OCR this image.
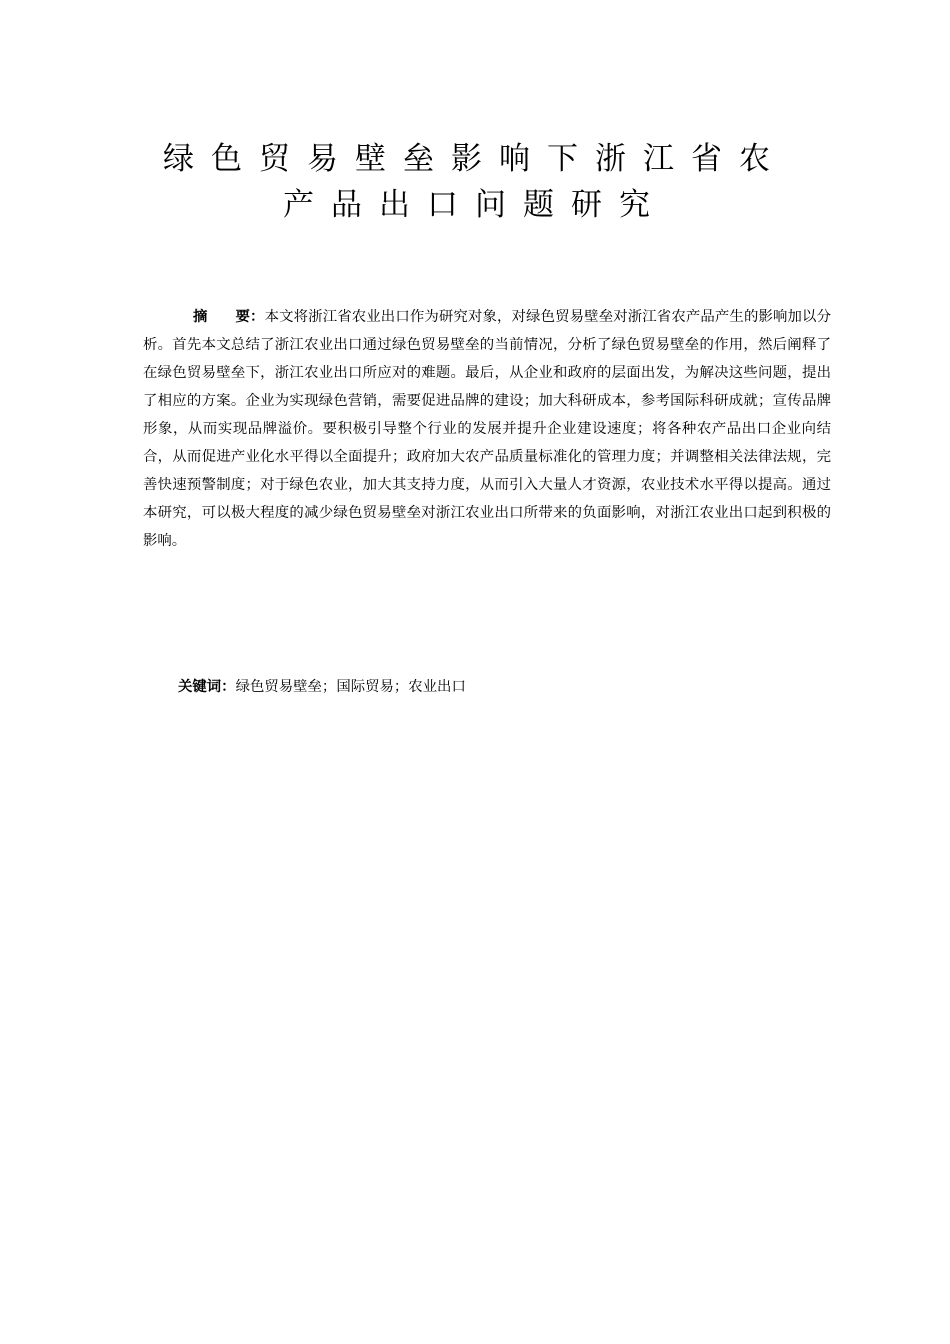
绿色贸易壁垒影响下浙江省农
产品出口问题研究

摘要：本文将浙江省农业出口作为研究对象，对绿色贸易壁垒对浙江省农产品产生的影响加以分析。首先本文总结了浙江农业出口通过绿色贸易壁垒的当前情况，分析了绿色贸易壁垒的作用，然后阐释了在绿色贸易壁垒下，浙江农业出口所应对的难题。最后，从企业和政府的层面出发，为解决这些问题，提出了相应的方案。企业为实现绿色营销，需要促进品牌的建设；加大科研成本，参考国际科研成就；宣传品牌形象，从而实现品牌溢价。要积极引导整个行业的发展并提升企业建设速度；将各种农产品出口企业向结合，从而促进产业化水平得以全面提升；政府加大农产品质量标准化的管理力度；并调整相关法律法规，完善快速预警制度；对于绿色农业，加大其支持力度，从而引入大量人才资源，农业技术水平得以提高。通过本研究，可以极大程度的减少绿色贸易壁垒对浙江农业出口所带来的负面影响，对浙江农业出口起到积极的影响。

关键词：绿色贸易壁垒；国际贸易；农业出口
